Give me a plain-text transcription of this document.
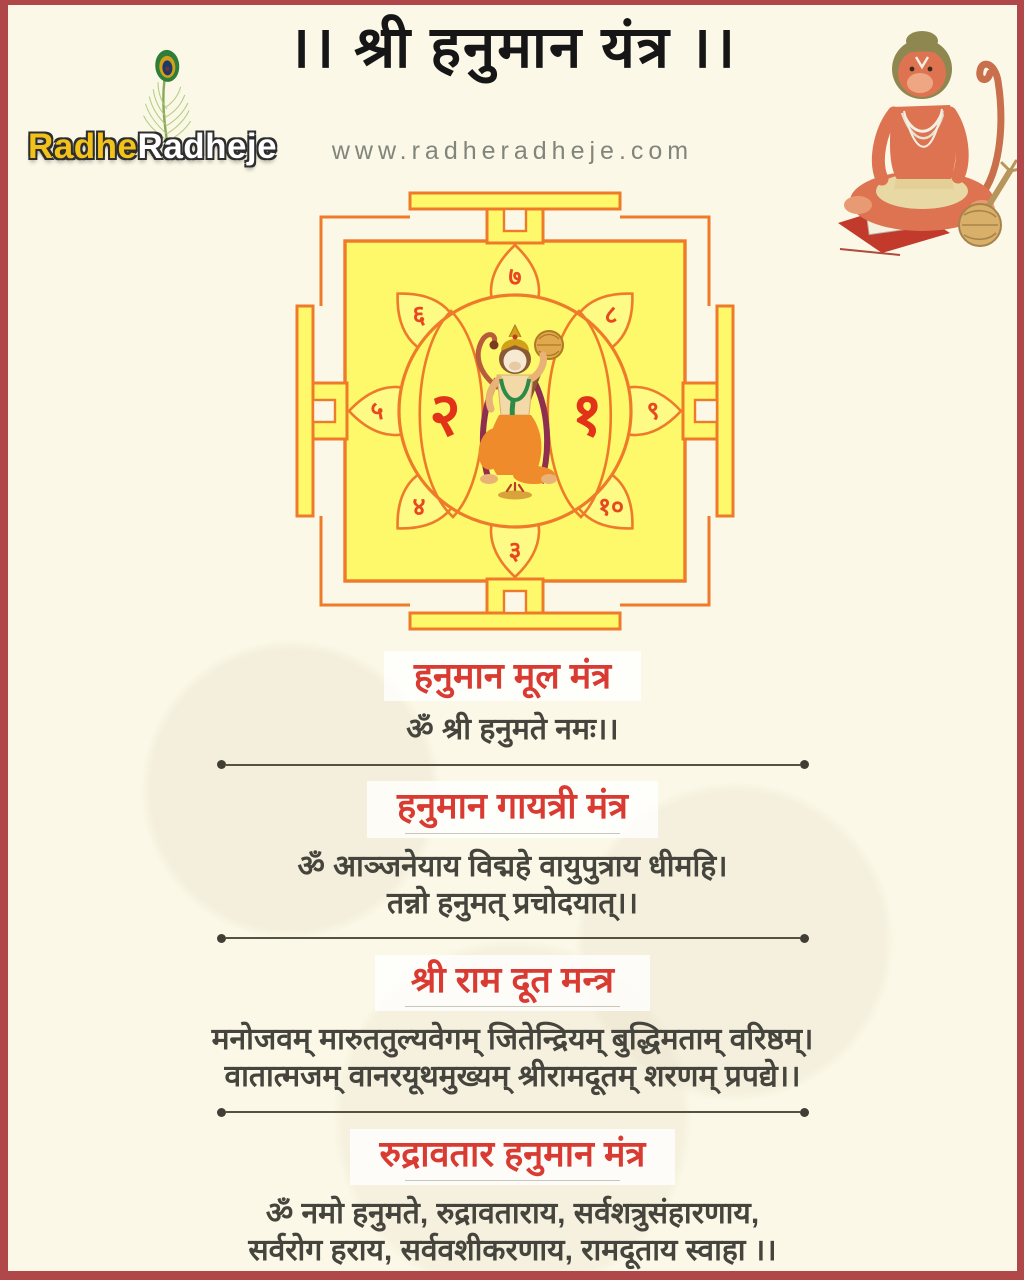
।। श्री हनुमान यंत्र ।।
RadheRadheje	www.radheradheje.com
७
८
९
१०
३
४
५
६
२ १
हनुमान मूल मंत्र

ॐ श्री हनुमते नमः।।

हनुमान गायत्री मंत्र

ॐ आञ्जनेयाय विद्महे वायुपुत्राय धीमहि।

तन्नो हनुमत् प्रचोदयात्।।

श्री राम दूत मन्त्र

मनोजवम् मारुततुल्यवेगम् जितेन्द्रियम् बुद्धिमताम् वरिष्ठम्।

वातात्मजम् वानरयूथमुख्यम् श्रीरामदूतम् शरणम् प्रपद्ये।।

रुद्रावतार हनुमान मंत्र

ॐ नमो हनुमते, रुद्रावताराय, सर्वशत्रुसंहारणाय,

सर्वरोग हराय, सर्ववशीकरणाय, रामदूताय स्वाहा ।।
